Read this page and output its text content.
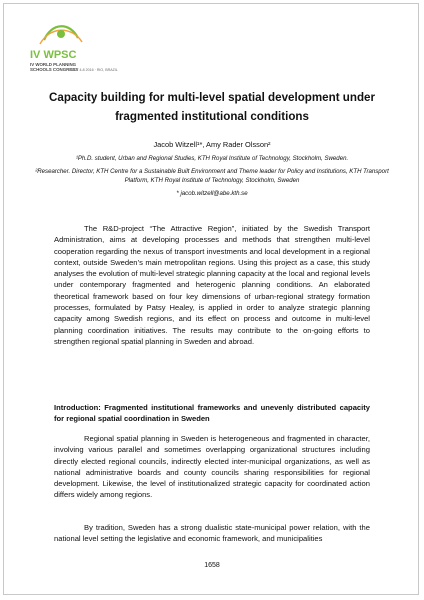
IV WPSC
IV WORLD PLANNING
SCHOOLS CONGRESS
JULY 4-8 2016 · RIO, BRAZIL
Capacity building for multi-level spatial development under fragmented institutional conditions
Jacob Witzell¹*, Amy Rader Olsson²
¹Ph.D. student, Urban and Regional Studies, KTH Royal Institute of Technology, Stockholm, Sweden.
²Researcher. Director, KTH Centre for a Sustainable Built Environment and Theme leader for Policy and Institutions, KTH Transport Platform, KTH Royal Institute of Technology, Stockholm, Sweden
* jacob.witzell@abe.kth.se
The R&D-project “The Attractive Region”, initiated by the Swedish Transport Administration, aims at developing processes and methods that strengthen multi-level cooperation regarding the nexus of transport investments and local development in a regional context, outside Sweden’s main metropolitan regions. Using this project as a case, this study analyses the evolution of multi-level strategic planning capacity at the local and regional levels under contemporary fragmented and heterogenic planning conditions. An elaborated theoretical framework based on four key dimensions of urban-regional strategy formation processes, formulated by Patsy Healey, is applied in order to analyze strategic planning capacity among Swedish regions, and its effect on process and outcome in multi-level planning coordination initiatives. The results may contribute to the on-going efforts to strengthen regional spatial planning in Sweden and abroad.
Introduction: Fragmented institutional frameworks and unevenly distributed capacity for regional spatial coordination in Sweden
Regional spatial planning in Sweden is heterogeneous and fragmented in character, involving various parallel and sometimes overlapping organizational structures including directly elected regional councils, indirectly elected inter-municipal organizations, as well as national administrative boards and county councils sharing responsibilities for regional development. Likewise, the level of institutionalized strategic capacity for coordinated action differs widely among regions.
By tradition, Sweden has a strong dualistic state-municipal power relation, with the national level setting the legislative and economic framework, and municipalities
1658
